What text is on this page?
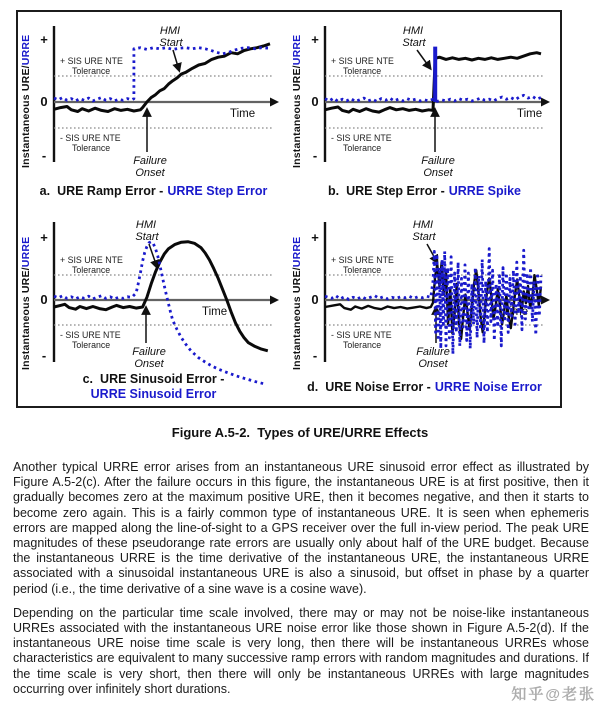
Instantaneous URE/URRE +
0
-
+ SIS URE NTE
Tolerance
- SIS URE NTE
Tolerance
Time
HMI
Start
Failure
Onset
a. URE Ramp Error - URRE Step Error
Instantaneous URE/URRE +
0
-
+ SIS URE NTE
Tolerance
- SIS URE NTE
Tolerance
Time
HMI
Start
Failure
Onset
b. URE Step Error - URRE Spike
Instantaneous URE/URRE +
0
-
+ SIS URE NTE
Tolerance
- SIS URE NTE
Tolerance
Time
HMI
Start
Failure
Onset
c. URE Sinusoid Error -
URRE Sinusoid Error
Instantaneous URE/URRE +
0
-
+ SIS URE NTE
Tolerance
- SIS URE NTE
Tolerance
Time
HMI
Start
Failure
Onset
d. URE Noise Error - URRE Noise Error
Figure A.5-2.  Types of URE/URRE Effects

Another typical URRE error arises from an instantaneous URE sinusoid error effect as illustrated by Figure A.5-2(c). After the failure occurs in this figure, the instantaneous URE is at first positive, then it gradually becomes zero at the maximum positive URE, then it becomes negative, and then it starts to become zero again. This is a fairly common type of instantaneous URE. It is seen when ephemeris errors are mapped along the line-of-sight to a GPS receiver over the full in-view period. The peak URE magnitudes of these pseudorange rate errors are usually only about half of the URE budget. Because the instantaneous URRE is the time derivative of the instantaneous URE, the instantaneous URRE associated with a sinusoidal instantaneous URE is also a sinusoid, but offset in phase by a quarter period (i.e., the time derivative of a sine wave is a cosine wave).

Depending on the particular time scale involved, there may or may not be noise-like instantaneous URREs associated with the instantaneous URE noise error like those shown in Figure A.5-2(d). If the instantaneous URE noise time scale is very long, then there will be instantaneous URREs whose characteristics are equivalent to many successive ramp errors with random magnitudes and durations. If the time scale is very short, then there will only be instantaneous URREs with large magnitudes occurring over infinitely short durations.	知乎@老张
